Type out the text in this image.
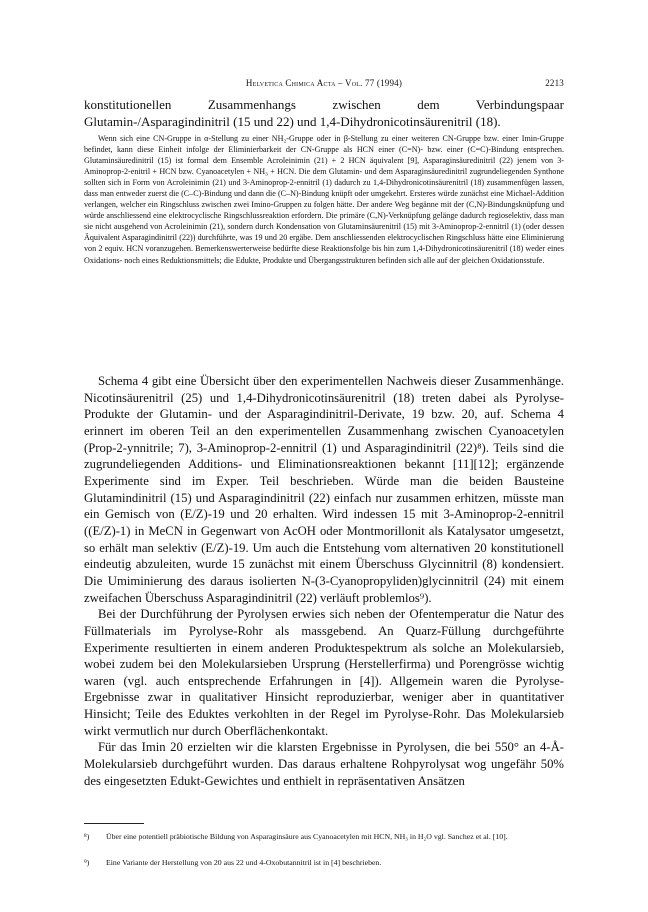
Helvetica Chimica Acta – Vol. 77 (1994)	2213
konstitutionellen Zusammenhangs zwischen dem Verbindungspaar Glutamin-/Asparagindinitril (15 und 22) und 1,4-Dihydronicotinsäurenitril (18).
Wenn sich eine CN-Gruppe in α-Stellung zu einer NH₂-Gruppe oder in β-Stellung zu einer weiteren CN-Gruppe bzw. einer Imin-Gruppe befindet, kann diese Einheit infolge der Eliminierbarkeit der CN-Gruppe als HCN einer (C=N)- bzw. einer (C=C)-Bindung entsprechen. Glutaminsäuredinitril (15) ist formal dem Ensemble Acroleinimin (21) + 2 HCN äquivalent [9], Asparaginsäuredinitril (22) jenem von 3-Aminoprop-2-enitril + HCN bzw. Cyanoacetylen + NH₃ + HCN. Die dem Glutamin- und dem Asparaginsäuredinitril zugrundeliegenden Synthone sollten sich in Form von Acroleinimin (21) und 3-Aminoprop-2-ennitril (1) dadurch zu 1,4-Dihydronicotinsäurenitril (18) zusammenfügen lassen, dass man entweder zuerst die (C–C)-Bindung und dann die (C–N)-Bindung knüpft oder umgekehrt. Ersteres würde zunächst eine Michael-Addition verlangen, welcher ein Ringschluss zwischen zwei Imino-Gruppen zu folgen hätte. Der andere Weg begänne mit der (C,N)-Bindungsknüpfung und würde anschliessend eine elektrocyclische Ringschlussreaktion erfordern. Die primäre (C,N)-Verknüpfung gelänge dadurch regioselektiv, dass man sie nicht ausgehend von Acroleinimin (21), sondern durch Kondensation von Glutaminsäurenitril (15) mit 3-Aminoprop-2-ennitril (1) (oder dessen Äquivalent Asparagindinitril (22)) durchführte, was 19 und 20 ergäbe. Dem anschliessenden elektrocyclischen Ringschluss hätte eine Eliminierung von 2 equiv. HCN voranzugehen. Bemerkenswerterweise bedürfte diese Reaktionsfolge bis hin zum 1,4-Dihydronicotinsäurenitril (18) weder eines Oxidations- noch eines Reduktionsmittels; die Edukte, Produkte und Übergangsstrukturen befinden sich alle auf der gleichen Oxidationsstufe.
Schema 4 gibt eine Übersicht über den experimentellen Nachweis dieser Zusammenhänge. Nicotinsäurenitril (25) und 1,4-Dihydronicotinsäurenitril (18) treten dabei als Pyrolyse-Produkte der Glutamin- und der Asparagindinitril-Derivate, 19 bzw. 20, auf. Schema 4 erinnert im oberen Teil an den experimentellen Zusammenhang zwischen Cyanoacetylen (Prop-2-ynnitrile; 7), 3-Aminoprop-2-ennitril (1) und Asparagindinitril (22)⁸). Teils sind die zugrundeliegenden Additions- und Eliminationsreaktionen bekannt [11][12]; ergänzende Experimente sind im Exper. Teil beschrieben. Würde man die beiden Bausteine Glutamindinitril (15) und Asparagindinitril (22) einfach nur zusammen erhitzen, müsste man ein Gemisch von (E/Z)-19 und 20 erhalten. Wird indessen 15 mit 3-Aminoprop-2-ennitril ((E/Z)-1) in MeCN in Gegenwart von AcOH oder Montmorillonit als Katalysator umgesetzt, so erhält man selektiv (E/Z)-19. Um auch die Entstehung vom alternativen 20 konstitutionell eindeutig abzuleiten, wurde 15 zunächst mit einem Überschuss Glycinnitril (8) kondensiert. Die Umiminierung des daraus isolierten N-(3-Cyanopropyliden)glycinnitril (24) mit einem zweifachen Überschuss Asparagindinitril (22) verläuft problemlos⁹).
Bei der Durchführung der Pyrolysen erwies sich neben der Ofentemperatur die Natur des Füllmaterials im Pyrolyse-Rohr als massgebend. An Quarz-Füllung durchgeführte Experimente resultierten in einem anderen Produktespektrum als solche an Molekularsieb, wobei zudem bei den Molekularsieben Ursprung (Herstellerfirma) und Porengrösse wichtig waren (vgl. auch entsprechende Erfahrungen in [4]). Allgemein waren die Pyrolyse-Ergebnisse zwar in qualitativer Hinsicht reproduzierbar, weniger aber in quantitativer Hinsicht; Teile des Eduktes verkohlten in der Regel im Pyrolyse-Rohr. Das Molekularsieb wirkt vermutlich nur durch Oberflächenkontakt.
Für das Imin 20 erzielten wir die klarsten Ergebnisse in Pyrolysen, die bei 550° an 4-Å-Molekularsieb durchgeführt wurden. Das daraus erhaltene Rohpyrolysat wog ungefähr 50% des eingesetzten Edukt-Gewichtes und enthielt in repräsentativen Ansätzen
⁸) Über eine potentiell präbiotische Bildung von Asparaginsäure aus Cyanoacetylen mit HCN, NH₃ in H₂O vgl. Sanchez et al. [10].
⁹) Eine Variante der Herstellung von 20 aus 22 und 4-Oxobutannitril ist in [4] beschrieben.
